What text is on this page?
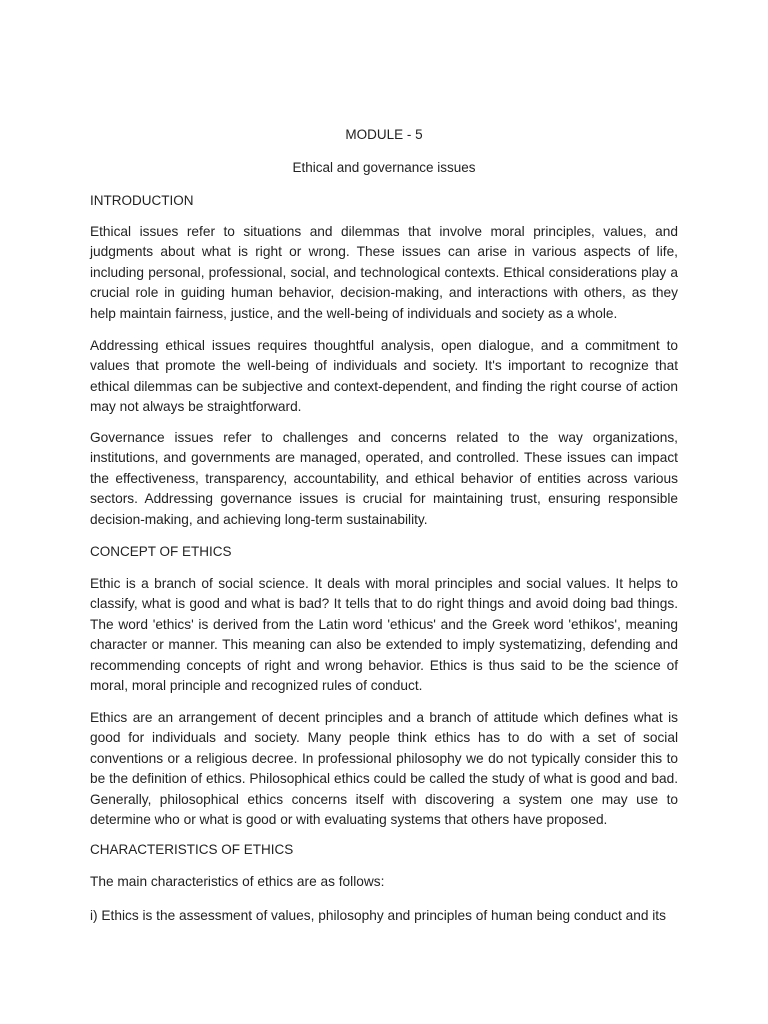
MODULE - 5
Ethical and governance issues
INTRODUCTION
Ethical issues refer to situations and dilemmas that involve moral principles, values, and judgments about what is right or wrong. These issues can arise in various aspects of life, including personal, professional, social, and technological contexts. Ethical considerations play a crucial role in guiding human behavior, decision-making, and interactions with others, as they help maintain fairness, justice, and the well-being of individuals and society as a whole.
Addressing ethical issues requires thoughtful analysis, open dialogue, and a commitment to values that promote the well-being of individuals and society. It's important to recognize that ethical dilemmas can be subjective and context-dependent, and finding the right course of action may not always be straightforward.
Governance issues refer to challenges and concerns related to the way organizations, institutions, and governments are managed, operated, and controlled. These issues can impact the effectiveness, transparency, accountability, and ethical behavior of entities across various sectors. Addressing governance issues is crucial for maintaining trust, ensuring responsible decision-making, and achieving long-term sustainability.
CONCEPT OF ETHICS
Ethic is a branch of social science. It deals with moral principles and social values. It helps to classify, what is good and what is bad? It tells that to do right things and avoid doing bad things. The word 'ethics' is derived from the Latin word 'ethicus' and the Greek word 'ethikos', meaning character or manner. This meaning can also be extended to imply systematizing, defending and recommending concepts of right and wrong behavior. Ethics is thus said to be the science of moral, moral principle and recognized rules of conduct.
Ethics are an arrangement of decent principles and a branch of attitude which defines what is good for individuals and society. Many people think ethics has to do with a set of social conventions or a religious decree. In professional philosophy we do not typically consider this to be the definition of ethics. Philosophical ethics could be called the study of what is good and bad. Generally, philosophical ethics concerns itself with discovering a system one may use to determine who or what is good or with evaluating systems that others have proposed.
CHARACTERISTICS OF ETHICS
The main characteristics of ethics are as follows:
i) Ethics is the assessment of values, philosophy and principles of human being conduct and its
